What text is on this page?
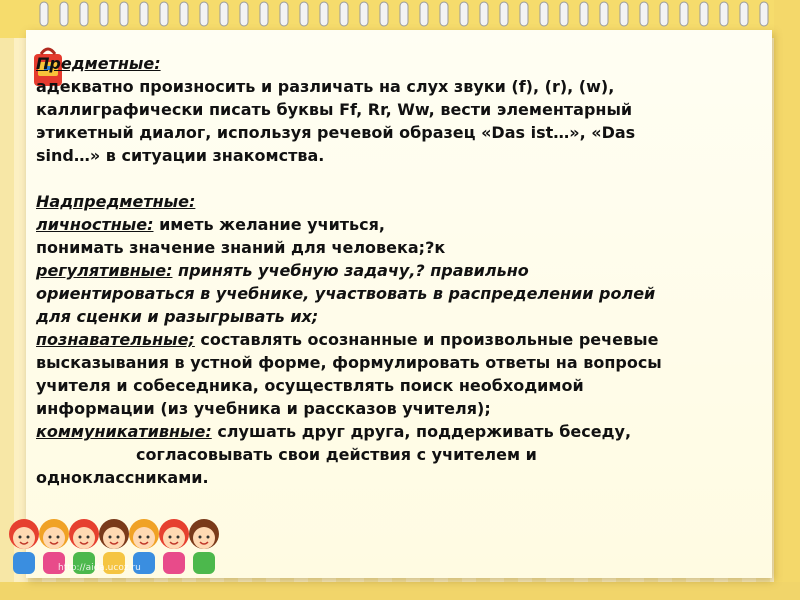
Предметные:
адекватно произносить и различать на слух звуки (f), (r), (w),
каллиграфически писать буквы Ff, Rr, Ww, вести элементарный
этикетный диалог, используя речевой образец «Das ist…», «Das
sind…» в ситуации знакомства.
Надпредметные:
личностные: иметь желание учиться,
понимать значение знаний для человека;?к
регулятивные: принять учебную задачу,? правильно
ориентироваться в учебнике, участвовать в распределении ролей
для сценки и разыгрывать их;
познавательные; составлять осознанные и произвольные речевые
высказывания в устной форме, формулировать ответы на вопросы
учителя и собеседника, осуществлять поиск необходимой
информации (из учебника и рассказов учителя);
коммуникативные: слушать друг друга, поддерживать беседу,
согласовывать свои действия с учителем и
одноклассниками.
http://aida.ucoz.ru
